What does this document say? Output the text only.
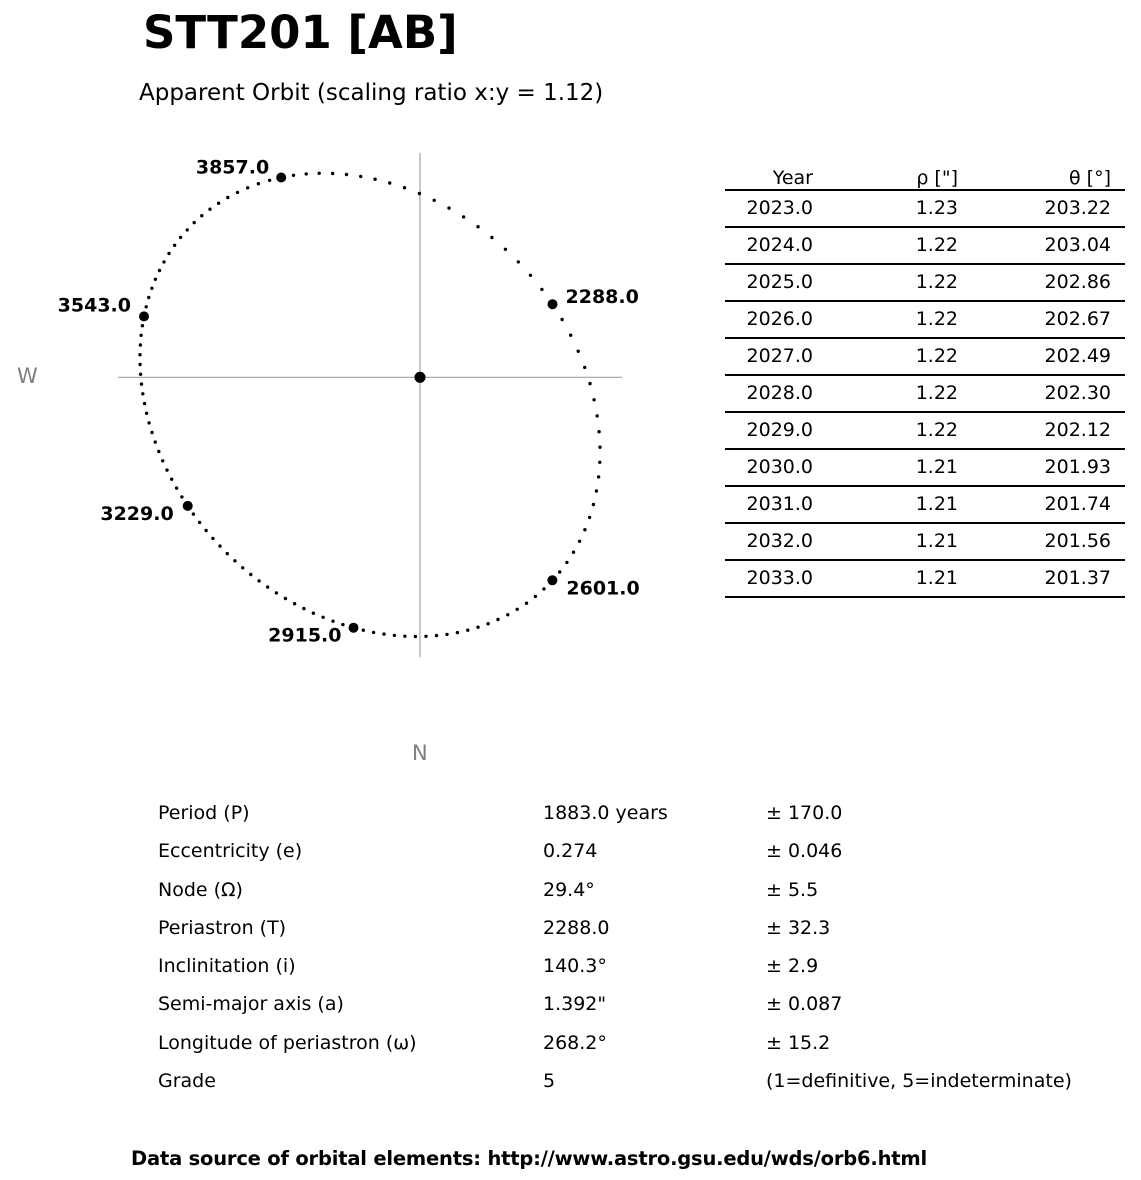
STT201 [AB]
Apparent Orbit (scaling ratio x:y = 1.12)
2288.0
2601.0
2915.0
3229.0
3543.0
3857.0
W
N
Year	ρ ["]	θ [°]
2023.0	1.23	203.22
2024.0	1.22	203.04
2025.0	1.22	202.86
2026.0	1.22	202.67
2027.0	1.22	202.49
2028.0	1.22	202.30
2029.0	1.22	202.12
2030.0	1.21	201.93
2031.0	1.21	201.74
2032.0	1.21	201.56
2033.0	1.21	201.37
Period (P)	1883.0 years	± 170.0
Eccentricity (e)	0.274	± 0.046
Node (Ω)	29.4°	± 5.5
Periastron (T)	2288.0	± 32.3
Inclinitation (i)	140.3°	± 2.9
Semi-major axis (a)	1.392"	± 0.087
Longitude of periastron (ω)	268.2°	± 15.2
Grade	5	(1=definitive, 5=indeterminate)
Data source of orbital elements: http://www.astro.gsu.edu/wds/orb6.html
